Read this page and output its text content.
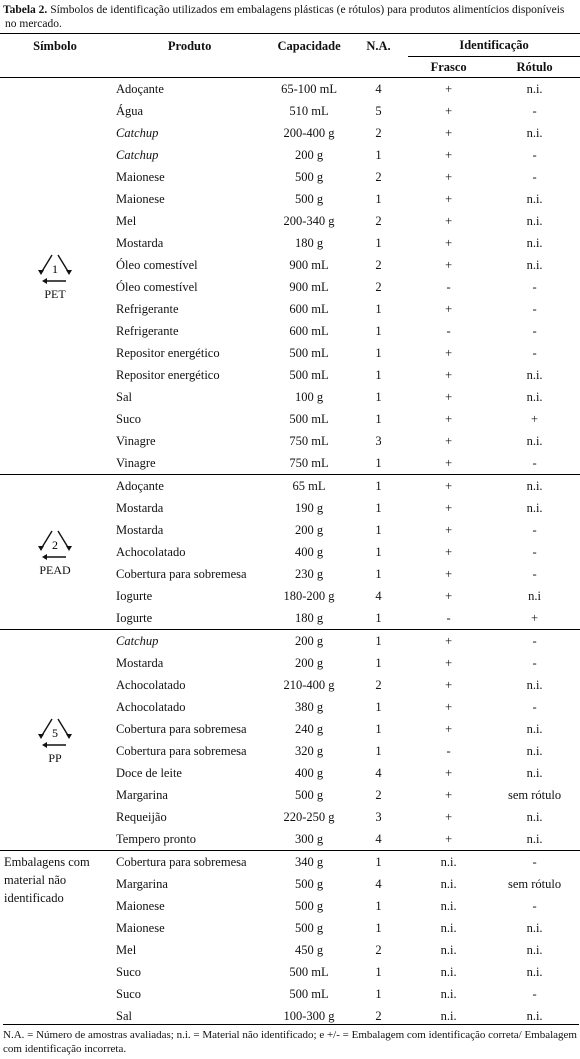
Tabela 2. Símbolos de identificação utilizados em embalagens plásticas (e rótulos) para produtos alimentícios disponíveis
no mercado.
Símbolo	Produto	Capacidade	N.A.	Identificação	
				Frasco	Rótulo

1
PET	Adoçante	65-100 mL	4	+	n.i.
	Água	510 mL	5	+	-
	Catchup	200-400 g	2	+	n.i.
	Catchup	200 g	1	+	-
	Maionese	500 g	2	+	-
	Maionese	500 g	1	+	n.i.
	Mel	200-340 g	2	+	n.i.
	Mostarda	180 g	1	+	n.i.
	Óleo comestível	900 mL	2	+	n.i.
	Óleo comestível	900 mL	2	-	-
	Refrigerante	600 mL	1	+	-
	Refrigerante	600 mL	1	-	-
	Repositor energético	500 mL	1	+	-
	Repositor energético	500 mL	1	+	n.i.
	Sal	100 g	1	+	n.i.
	Suco	500 mL	1	+	+
	Vinagre	750 mL	3	+	n.i.
	Vinagre	750 mL	1	+	-

2
PEAD	Adoçante	65 mL	1	+	n.i.
	Mostarda	190 g	1	+	n.i.
	Mostarda	200 g	1	+	-
	Achocolatado	400 g	1	+	-
	Cobertura para sobremesa	230 g	1	+	-
	Iogurte	180-200 g	4	+	n.i
	Iogurte	180 g	1	-	+

5
PP	Catchup	200 g	1	+	-
	Mostarda	200 g	1	+	-
	Achocolatado	210-400 g	2	+	n.i.
	Achocolatado	380 g	1	+	-
	Cobertura para sobremesa	240 g	1	+	n.i.
	Cobertura para sobremesa	320 g	1	-	n.i.
	Doce de leite	400 g	4	+	n.i.
	Margarina	500 g	2	+	sem rótulo
	Requeijão	220-250 g	3	+	n.i.
	Tempero pronto	300 g	4	+	n.i.
Embalagens com material não identificado	Cobertura para sobremesa	340 g	1	n.i.	-
	Margarina	500 g	4	n.i.	sem rótulo
	Maionese	500 g	1	n.i.	-
	Maionese	500 g	1	n.i.	n.i.
	Mel	450 g	2	n.i.	n.i.
	Suco	500 mL	1	n.i.	n.i.
	Suco	500 mL	1	n.i.	-
	Sal	100-300 g	2	n.i.	n.i.
N.A. = Número de amostras avaliadas; n.i. = Material não identificado; e +/- = Embalagem com identificação correta/ Embalagem com identificação incorreta.
